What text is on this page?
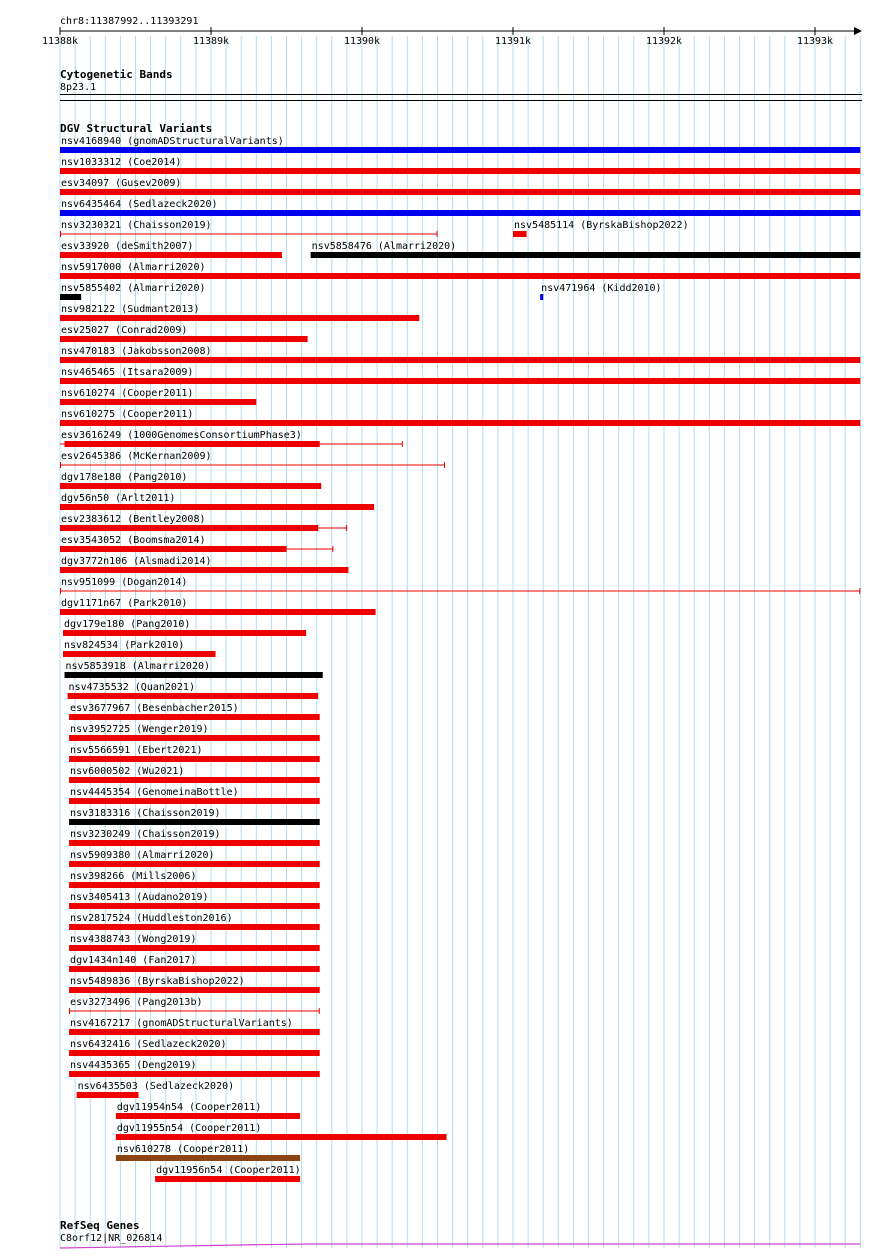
chr8:11387992..11393291
11388k	11389k	11390k	11391k	11392k	11393k
Cytogenetic Bands
8p23.1
DGV Structural Variants
nsv4168940 (gnomADStructuralVariants)
nsv1033312 (Coe2014)
esv34097 (Gusev2009)
nsv6435464 (Sedlazeck2020)
nsv3230321 (Chaisson2019)	nsv5485114 (ByrskaBishop2022)
esv33920 (deSmith2007)	nsv5858476 (Almarri2020)
nsv5917000 (Almarri2020)
nsv5855402 (Almarri2020)	nsv471964 (Kidd2010)
nsv982122 (Sudmant2013)
esv25027 (Conrad2009)
nsv470183 (Jakobsson2008)
nsv465465 (Itsara2009)
nsv610274 (Cooper2011)
nsv610275 (Cooper2011)
esv3616249 (1000GenomesConsortiumPhase3)
esv2645386 (McKernan2009)
dgv178e180 (Pang2010)
dgv56n50 (Arlt2011)
esv2383612 (Bentley2008)
esv3543052 (Boomsma2014)
dgv3772n106 (Alsmadi2014)
nsv951099 (Dogan2014)
dgv1171n67 (Park2010)
dgv179e180 (Pang2010)
nsv824534 (Park2010)
nsv5853918 (Almarri2020)
nsv4735532 (Quan2021)
esv3677967 (Besenbacher2015)
nsv3952725 (Wenger2019)
nsv5566591 (Ebert2021)
nsv6000502 (Wu2021)
nsv4445354 (GenomeinaBottle)
nsv3183316 (Chaisson2019)
nsv3230249 (Chaisson2019)
nsv5909380 (Almarri2020)
nsv398266 (Mills2006)
nsv3405413 (Audano2019)
nsv2817524 (Huddleston2016)
nsv4388743 (Wong2019)
dgv1434n140 (Fan2017)
nsv5489836 (ByrskaBishop2022)
esv3273496 (Pang2013b)
nsv4167217 (gnomADStructuralVariants)
nsv6432416 (Sedlazeck2020)
nsv4435365 (Deng2019)
nsv6435503 (Sedlazeck2020)
dgv11954n54 (Cooper2011)
dgv11955n54 (Cooper2011)
nsv610278 (Cooper2011)
dgv11956n54 (Cooper2011)
RefSeq Genes
C8orf12|NR_026814
